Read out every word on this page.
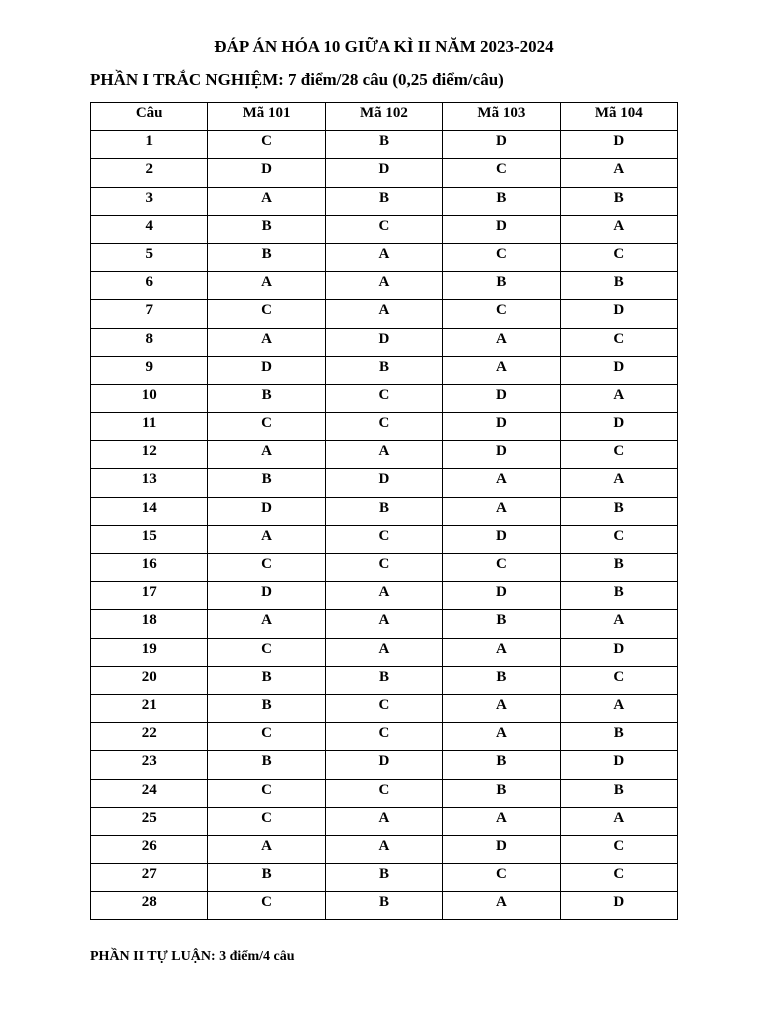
ĐÁP ÁN HÓA 10 GIỮA KÌ II NĂM 2023-2024
PHẦN I TRẮC NGHIỆM: 7 điểm/28 câu (0,25 điểm/câu)
Câu	Mã 101	Mã 102	Mã 103	Mã 104
1	C	B	D	D
2	D	D	C	A
3	A	B	B	B
4	B	C	D	A
5	B	A	C	C
6	A	A	B	B
7	C	A	C	D
8	A	D	A	C
9	D	B	A	D
10	B	C	D	A
11	C	C	D	D
12	A	A	D	C
13	B	D	A	A
14	D	B	A	B
15	A	C	D	C
16	C	C	C	B
17	D	A	D	B
18	A	A	B	A
19	C	A	A	D
20	B	B	B	C
21	B	C	A	A
22	C	C	A	B
23	B	D	B	D
24	C	C	B	B
25	C	A	A	A
26	A	A	D	C
27	B	B	C	C
28	C	B	A	D
PHẦN II TỰ LUẬN: 3 điểm/4 câu
